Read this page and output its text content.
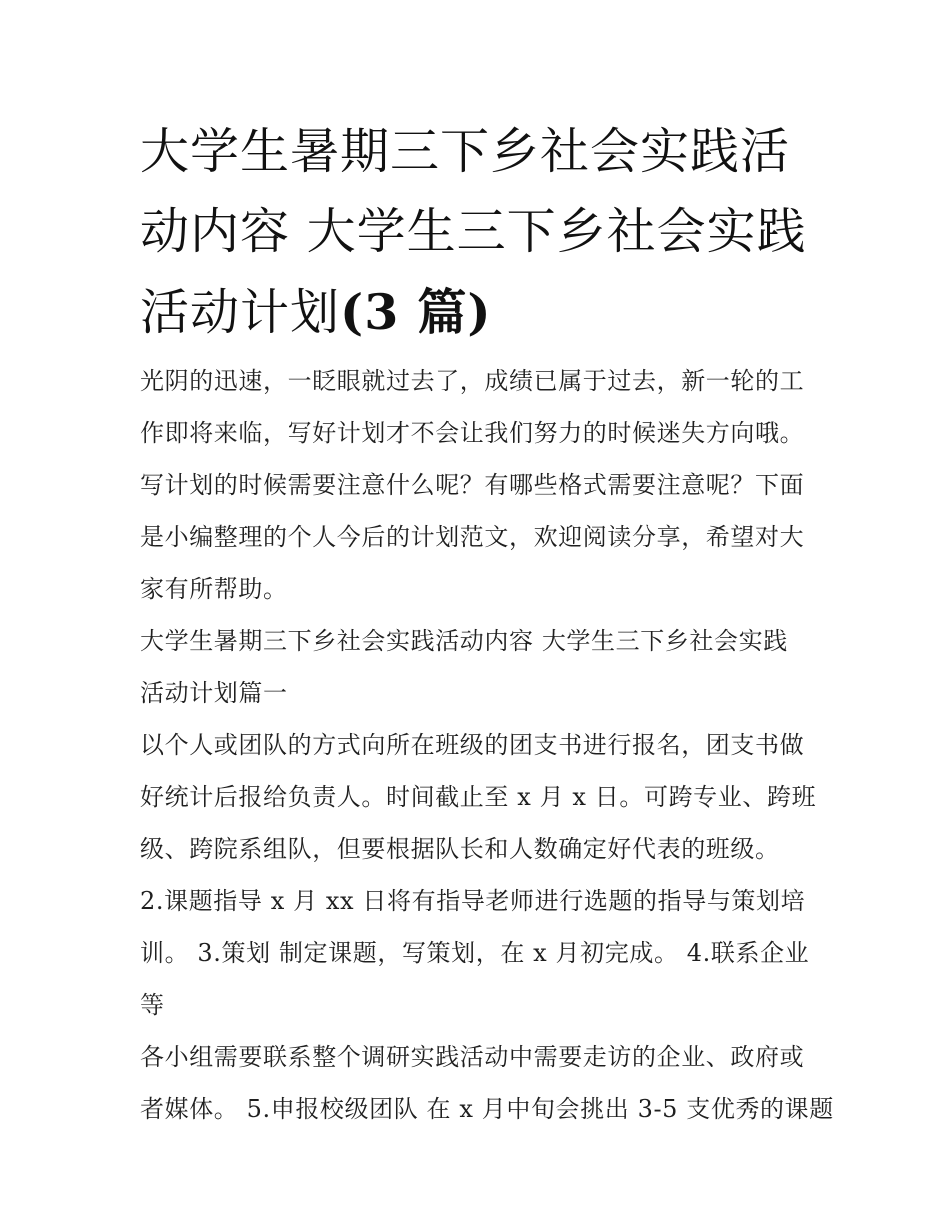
大学生暑期三下乡社会实践活
动内容 大学生三下乡社会实践
活动计划(3 篇)
光阴的迅速，一眨眼就过去了，成绩已属于过去，新一轮的工
作即将来临，写好计划才不会让我们努力的时候迷失方向哦。
写计划的时候需要注意什么呢？有哪些格式需要注意呢？下面
是小编整理的个人今后的计划范文，欢迎阅读分享，希望对大
家有所帮助。
大学生暑期三下乡社会实践活动内容 大学生三下乡社会实践
活动计划篇一
以个人或团队的方式向所在班级的团支书进行报名，团支书做
好统计后报给负责人。时间截止至 x 月 x 日。可跨专业、跨班
级、跨院系组队，但要根据队长和人数确定好代表的班级。
2.课题指导 x 月 xx 日将有指导老师进行选题的指导与策划培
训。 3.策划 制定课题，写策划，在 x 月初完成。 4.联系企业
等
各小组需要联系整个调研实践活动中需要走访的企业、政府或
者媒体。 5.申报校级团队 在 x 月中旬会挑出 3-5 支优秀的课题
